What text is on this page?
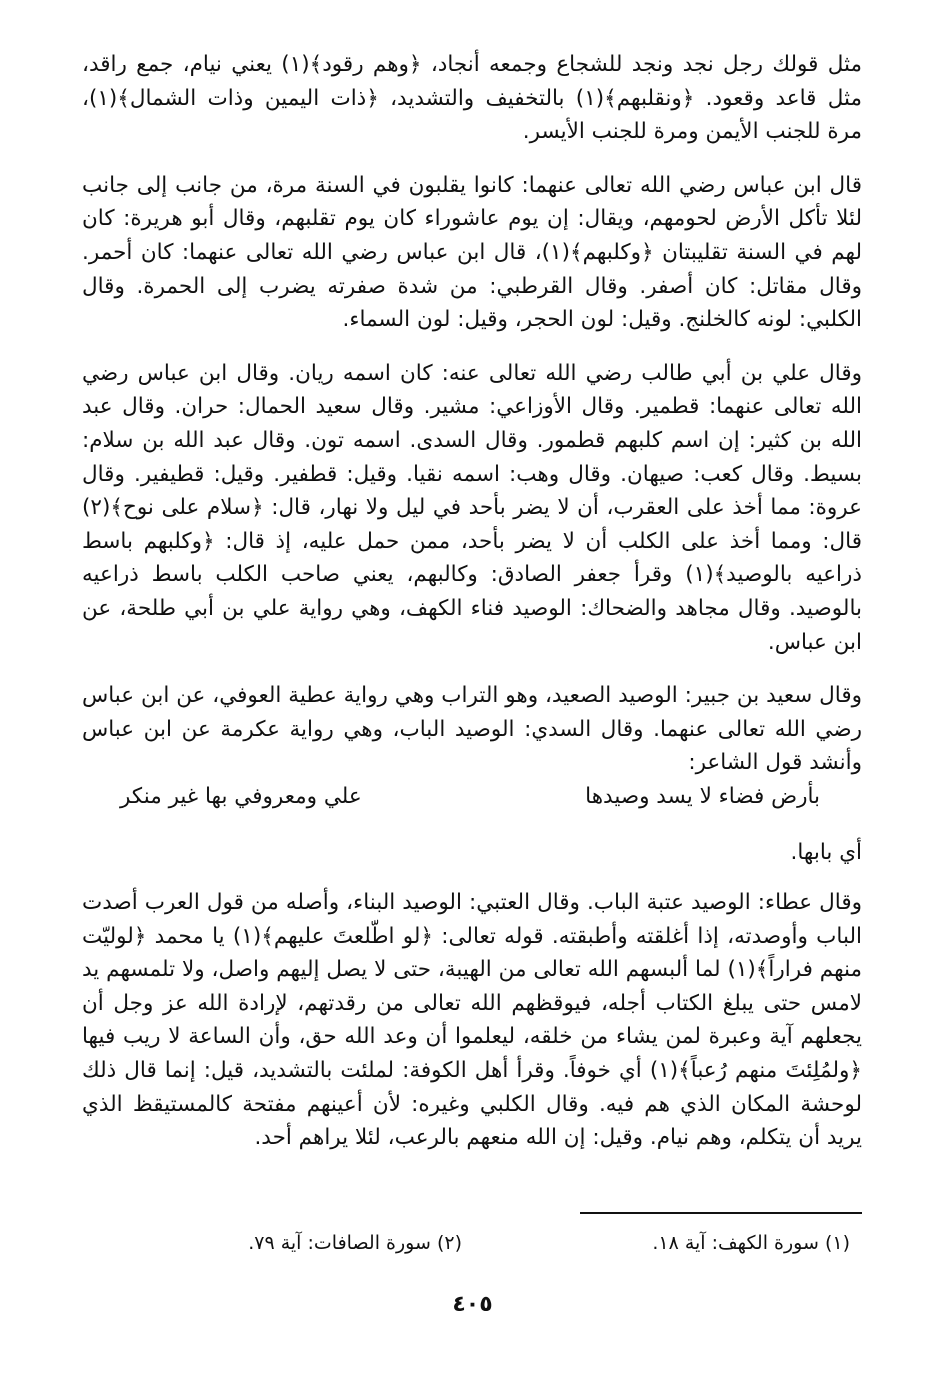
مثل قولك رجل نجد ونجد للشجاع وجمعه أنجاد، ﴿وهم رقود﴾(١) يعني نيام، جمع راقد، مثل قاعد وقعود. ﴿ونقلبهم﴾(١) بالتخفيف والتشديد، ﴿ذات اليمين وذات الشمال﴾(١)، مرة للجنب الأيمن ومرة للجنب الأيسر.

قال ابن عباس رضي الله تعالى عنهما: كانوا يقلبون في السنة مرة، من جانب إلى جانب لئلا تأكل الأرض لحومهم، ويقال: إن يوم عاشوراء كان يوم تقلبهم، وقال أبو هريرة: كان لهم في السنة تقليبتان ﴿وكلبهم﴾(١)، قال ابن عباس رضي الله تعالى عنهما: كان أحمر. وقال مقاتل: كان أصفر. وقال القرطبي: من شدة صفرته يضرب إلى الحمرة. وقال الكلبي: لونه كالخلنج. وقيل: لون الحجر، وقيل: لون السماء.

وقال علي بن أبي طالب رضي الله تعالى عنه: كان اسمه ريان. وقال ابن عباس رضي الله تعالى عنهما: قطمير. وقال الأوزاعي: مشير. وقال سعيد الحمال: حران. وقال عبد الله بن كثير: إن اسم كلبهم قطمور. وقال السدى. اسمه تون. وقال عبد الله بن سلام: بسيط. وقال كعب: صيهان. وقال وهب: اسمه نقيا. وقيل: قطفير. وقيل: قطيفير. وقال عروة: مما أخذ على العقرب، أن لا يضر بأحد في ليل ولا نهار، قال: ﴿سلام على نوح﴾(٢) قال: ومما أخذ على الكلب أن لا يضر بأحد، ممن حمل عليه، إذ قال: ﴿وكلبهم باسط ذراعيه بالوصيد﴾(١) وقرأ جعفر الصادق: وكالبهم، يعني صاحب الكلب باسط ذراعيه بالوصيد. وقال مجاهد والضحاك: الوصيد فناء الكهف، وهي رواية علي بن أبي طلحة، عن ابن عباس.

وقال سعيد بن جبير: الوصيد الصعيد، وهو التراب وهي رواية عطية العوفي، عن ابن عباس رضي الله تعالى عنهما. وقال السدي: الوصيد الباب، وهي رواية عكرمة عن ابن عباس وأنشد قول الشاعر:

بأرض فضاء لا يسد وصيدها
علي ومعروفي بها غير منكر

أي بابها.

وقال عطاء: الوصيد عتبة الباب. وقال العتبي: الوصيد البناء، وأصله من قول العرب أصدت الباب وأوصدته، إذا أغلقته وأطبقته. قوله تعالى: ﴿لو اطّلعتَ عليهم﴾(١) يا محمد ﴿لوليّت منهم فراراً﴾(١) لما ألبسهم الله تعالى من الهيبة، حتى لا يصل إليهم واصل، ولا تلمسهم يد لامس حتى يبلغ الكتاب أجله، فيوقظهم الله تعالى من رقدتهم، لإرادة الله عز وجل أن يجعلهم آية وعبرة لمن يشاء من خلقه، ليعلموا أن وعد الله حق، وأن الساعة لا ريب فيها ﴿ولمُلِئتَ منهم رُعباً﴾(١) أي خوفاً. وقرأ أهل الكوفة: لملئت بالتشديد، قيل: إنما قال ذلك لوحشة المكان الذي هم فيه. وقال الكلبي وغيره: لأن أعينهم مفتحة كالمستيقظ الذي يريد أن يتكلم، وهم نيام. وقيل: إن الله منعهم بالرعب، لئلا يراهم أحد.

(١) سورة الكهف: آية ١٨.
(٢) سورة الصافات: آية ٧٩.
٤٠٥
